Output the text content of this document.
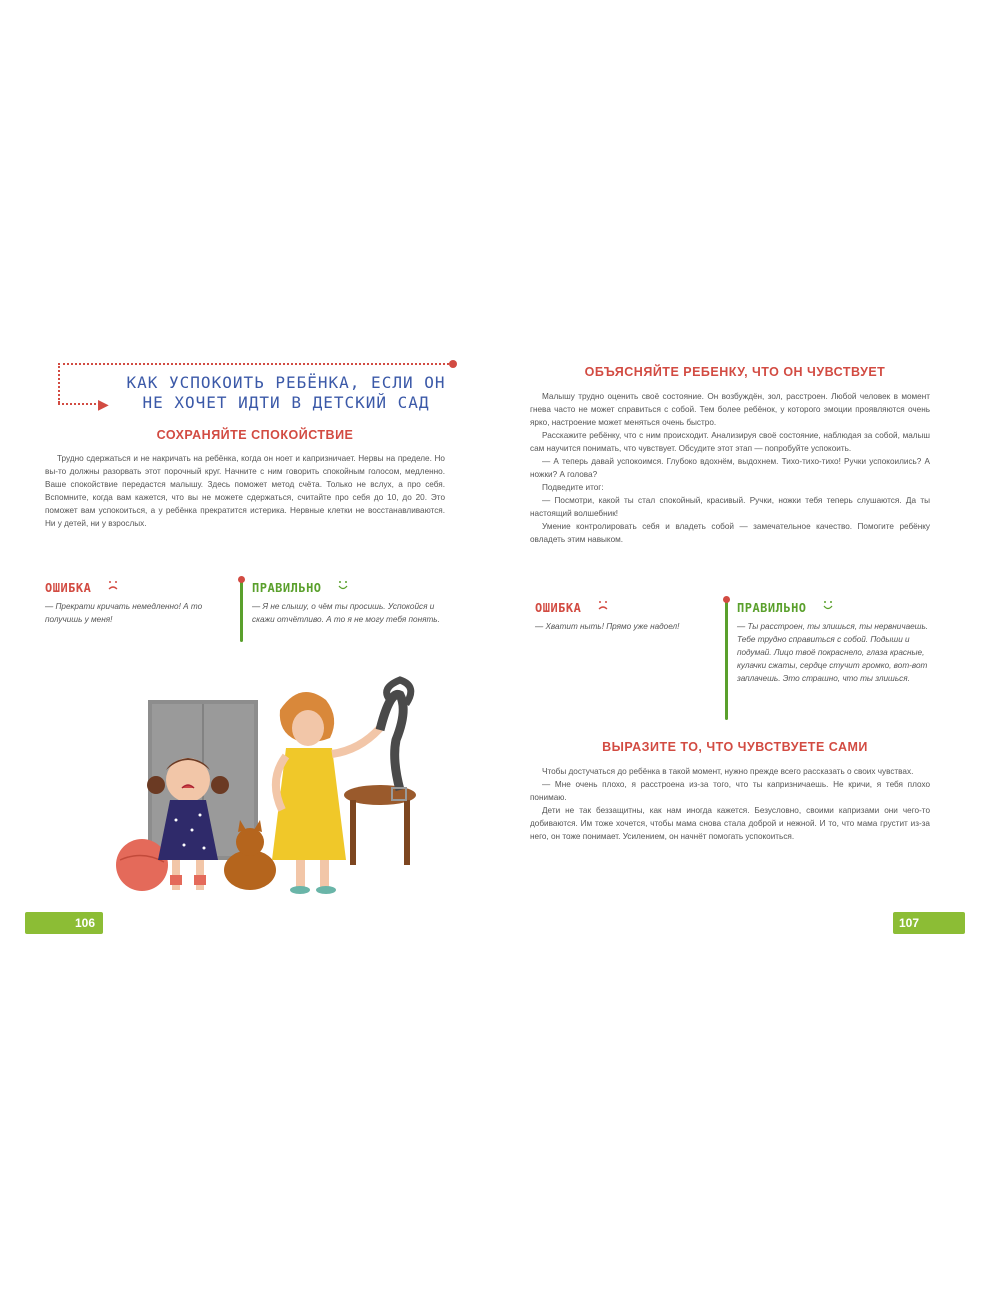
▶
КАК УСПОКОИТЬ РЕБЁНКА, ЕСЛИ ОН
НЕ ХОЧЕТ ИДТИ В ДЕТСКИЙ САД
СОХРАНЯЙТЕ СПОКОЙСТВИЕ

Трудно сдержаться и не накричать на ребёнка, когда он ноет и капризничает. Нервы на пределе. Но вы-то должны разорвать этот порочный круг. Начните с ним говорить спокойным голосом, медленно. Ваше спокойствие передастся малышу. Здесь поможет метод счёта. Только не вслух, а про себя. Вспомните, когда вам кажется, что вы не можете сдержаться, считайте про себя до 10, до 20. Это поможет вам успокоиться, а у ребёнка прекратится истерика. Нервные клетки не восстанавливаются. Ни у детей, ни у взрослых.

ОШИБКА
— Прекрати кричать немедленно! А то получишь у меня!
ПРАВИЛЬНО
— Я не слышу, о чём ты просишь. Успокойся и скажи отчётливо. А то я не могу тебя понять.
ОБЪЯСНЯЙТЕ РЕБЕНКУ, ЧТО ОН ЧУВСТВУЕТ

Малышу трудно оценить своё состояние. Он возбуждён, зол, расстроен. Любой человек в момент гнева часто не может справиться с собой. Тем более ребёнок, у которого эмоции проявляются очень ярко, настроение может меняться очень быстро.

Расскажите ребёнку, что с ним происходит. Анализируя своё состояние, наблюдая за собой, малыш сам научится понимать, что чувствует. Обсудите этот этап — попробуйте успокоить.

— А теперь давай успокоимся. Глубоко вдохнём, выдохнем. Тихо-тихо-тихо! Ручки успокоились? А ножки? А голова?

Подведите итог:

— Посмотри, какой ты стал спокойный, красивый. Ручки, ножки тебя теперь слушаются. Да ты настоящий волшебник!

Умение контролировать себя и владеть собой — замечательное качество. Помогите ребёнку овладеть этим навыком.

ОШИБКА
— Хватит ныть! Прямо уже надоел!
ПРАВИЛЬНО
— Ты расстроен, ты злишься, ты нервничаешь. Тебе трудно справиться с собой. Подыши и подумай. Лицо твоё покраснело, глаза красные, кулачки сжаты, сердце стучит громко, вот-вот заплачешь. Это страшно, что ты злишься.
ВЫРАЗИТЕ ТО, ЧТО ЧУВСТВУЕТЕ САМИ

Чтобы достучаться до ребёнка в такой момент, нужно прежде всего рассказать о своих чувствах.

— Мне очень плохо, я расстроена из-за того, что ты капризничаешь. Не кричи, я тебя плохо понимаю.

Дети не так беззащитны, как нам иногда кажется. Безусловно, своими капризами они чего-то добиваются. Им тоже хочется, чтобы мама снова стала доброй и нежной. И то, что мама грустит из-за него, он тоже понимает. Усилением, он начнёт помогать успокоиться.

106	107
